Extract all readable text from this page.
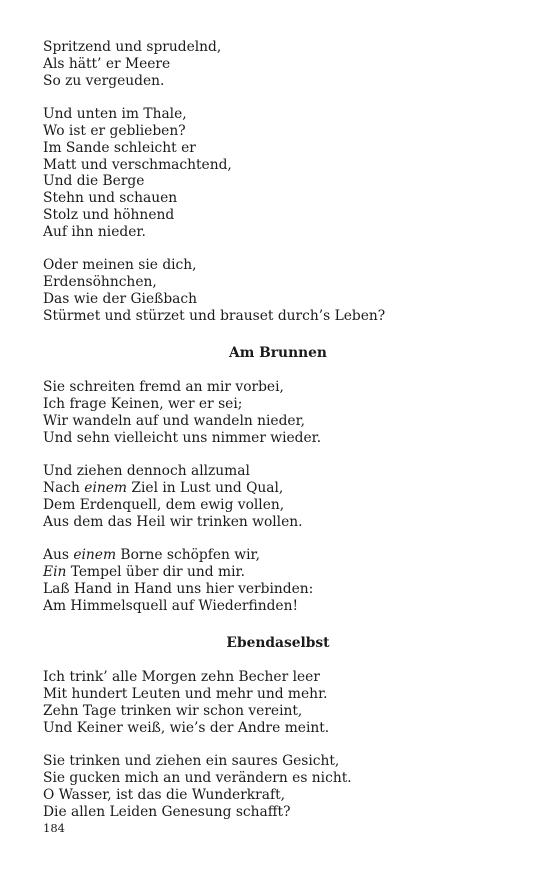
Spritzend und sprudelnd,
Als hätt’ er Meere
So zu vergeuden.
Und unten im Thale,
Wo ist er geblieben?
Im Sande schleicht er
Matt und verschmachtend,
Und die Berge
Stehn und schauen
Stolz und höhnend
Auf ihn nieder.
Oder meinen sie dich,
Erdensöhnchen,
Das wie der Gießbach
Stürmet und stürzet und brauset durch’s Leben?
Am Brunnen
Sie schreiten fremd an mir vorbei,
Ich frage Keinen, wer er sei;
Wir wandeln auf und wandeln nieder,
Und sehn vielleicht uns nimmer wieder.
Und ziehen dennoch allzumal
Nach einem Ziel in Lust und Qual,
Dem Erdenquell, dem ewig vollen,
Aus dem das Heil wir trinken wollen.
Aus einem Borne schöpfen wir,
Ein Tempel über dir und mir.
Laß Hand in Hand uns hier verbinden:
Am Himmelsquell auf Wiederfinden!
Ebendaselbst
Ich trink’ alle Morgen zehn Becher leer
Mit hundert Leuten und mehr und mehr.
Zehn Tage trinken wir schon vereint,
Und Keiner weiß, wie’s der Andre meint.
Sie trinken und ziehen ein saures Gesicht,
Sie gucken mich an und verändern es nicht.
O Wasser, ist das die Wunderkraft,
Die allen Leiden Genesung schafft?
184
